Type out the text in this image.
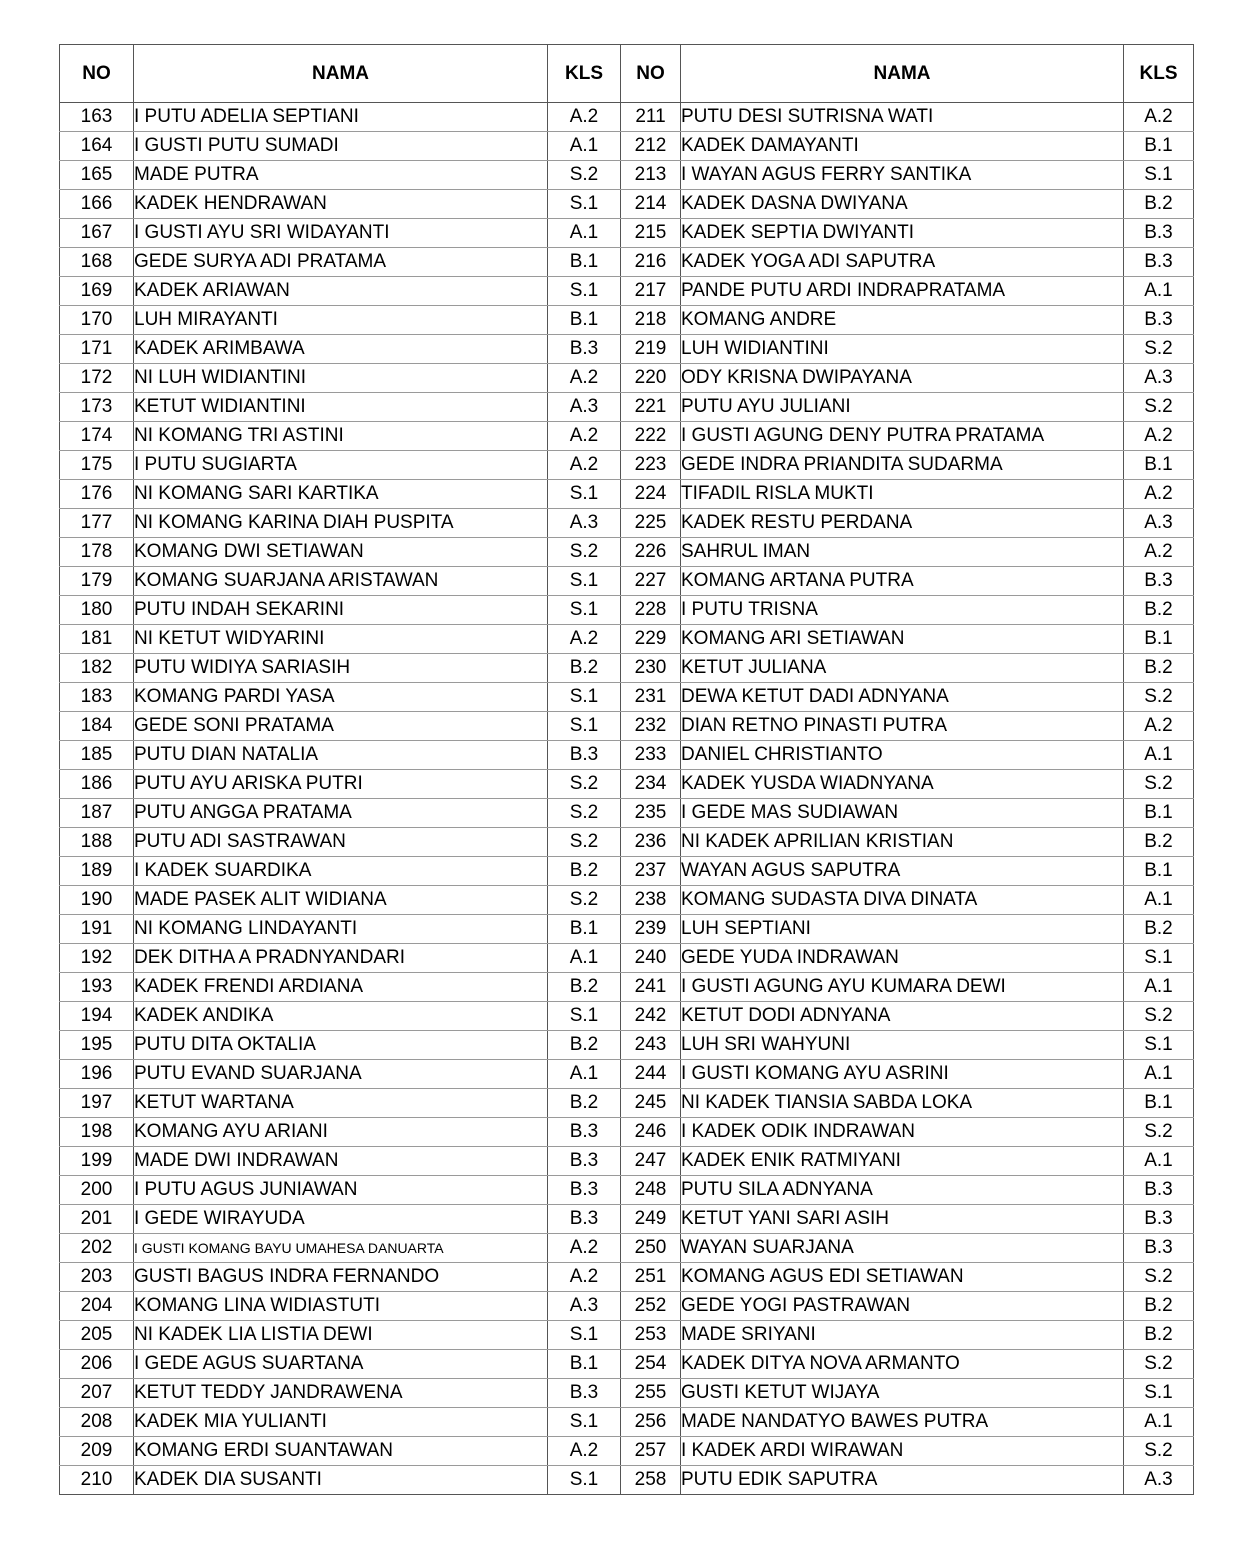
NO	NAMA	KLS	NO	NAMA	KLS
163	I PUTU ADELIA SEPTIANI	A.2	211	PUTU DESI SUTRISNA WATI	A.2
164	I GUSTI PUTU SUMADI	A.1	212	KADEK DAMAYANTI	B.1
165	MADE PUTRA	S.2	213	I WAYAN AGUS FERRY SANTIKA	S.1
166	KADEK HENDRAWAN	S.1	214	KADEK DASNA DWIYANA	B.2
167	I GUSTI AYU SRI WIDAYANTI	A.1	215	KADEK SEPTIA DWIYANTI	B.3
168	GEDE SURYA ADI PRATAMA	B.1	216	KADEK YOGA ADI SAPUTRA	B.3
169	KADEK ARIAWAN	S.1	217	PANDE PUTU ARDI INDRAPRATAMA	A.1
170	LUH MIRAYANTI	B.1	218	KOMANG ANDRE	B.3
171	KADEK ARIMBAWA	B.3	219	LUH WIDIANTINI	S.2
172	NI LUH WIDIANTINI	A.2	220	ODY KRISNA DWIPAYANA	A.3
173	KETUT WIDIANTINI	A.3	221	PUTU AYU JULIANI	S.2
174	NI KOMANG TRI ASTINI	A.2	222	I GUSTI AGUNG DENY PUTRA PRATAMA	A.2
175	I PUTU SUGIARTA	A.2	223	GEDE INDRA PRIANDITA SUDARMA	B.1
176	NI KOMANG SARI KARTIKA	S.1	224	TIFADIL RISLA MUKTI	A.2
177	NI KOMANG KARINA DIAH PUSPITA	A.3	225	KADEK RESTU PERDANA	A.3
178	KOMANG DWI SETIAWAN	S.2	226	SAHRUL IMAN	A.2
179	KOMANG SUARJANA ARISTAWAN	S.1	227	KOMANG ARTANA PUTRA	B.3
180	PUTU INDAH SEKARINI	S.1	228	I PUTU TRISNA	B.2
181	NI KETUT WIDYARINI	A.2	229	KOMANG ARI SETIAWAN	B.1
182	PUTU WIDIYA SARIASIH	B.2	230	KETUT JULIANA	B.2
183	KOMANG PARDI YASA	S.1	231	DEWA KETUT DADI ADNYANA	S.2
184	GEDE SONI PRATAMA	S.1	232	DIAN RETNO PINASTI PUTRA	A.2
185	PUTU DIAN NATALIA	B.3	233	DANIEL CHRISTIANTO	A.1
186	PUTU AYU ARISKA PUTRI	S.2	234	KADEK YUSDA WIADNYANA	S.2
187	PUTU ANGGA PRATAMA	S.2	235	I GEDE MAS SUDIAWAN	B.1
188	PUTU ADI SASTRAWAN	S.2	236	NI KADEK APRILIAN KRISTIAN	B.2
189	I KADEK SUARDIKA	B.2	237	WAYAN AGUS SAPUTRA	B.1
190	MADE PASEK ALIT WIDIANA	S.2	238	KOMANG SUDASTA DIVA DINATA	A.1
191	NI KOMANG LINDAYANTI	B.1	239	LUH SEPTIANI	B.2
192	DEK DITHA A PRADNYANDARI	A.1	240	GEDE YUDA INDRAWAN	S.1
193	KADEK FRENDI ARDIANA	B.2	241	I GUSTI AGUNG AYU KUMARA DEWI	A.1
194	KADEK ANDIKA	S.1	242	KETUT DODI ADNYANA	S.2
195	PUTU DITA OKTALIA	B.2	243	LUH SRI WAHYUNI	S.1
196	PUTU EVAND SUARJANA	A.1	244	I GUSTI KOMANG AYU ASRINI	A.1
197	KETUT WARTANA	B.2	245	NI KADEK TIANSIA SABDA LOKA	B.1
198	KOMANG AYU ARIANI	B.3	246	I KADEK ODIK INDRAWAN	S.2
199	MADE DWI INDRAWAN	B.3	247	KADEK ENIK RATMIYANI	A.1
200	I PUTU AGUS JUNIAWAN	B.3	248	PUTU SILA ADNYANA	B.3
201	I GEDE WIRAYUDA	B.3	249	KETUT YANI SARI ASIH	B.3
202	I GUSTI KOMANG BAYU UMAHESA DANUARTA	A.2	250	WAYAN SUARJANA	B.3
203	GUSTI BAGUS INDRA FERNANDO	A.2	251	KOMANG AGUS EDI SETIAWAN	S.2
204	KOMANG LINA WIDIASTUTI	A.3	252	GEDE YOGI PASTRAWAN	B.2
205	NI KADEK LIA LISTIA DEWI	S.1	253	MADE SRIYANI	B.2
206	I GEDE AGUS SUARTANA	B.1	254	KADEK DITYA NOVA ARMANTO	S.2
207	KETUT TEDDY JANDRAWENA	B.3	255	GUSTI KETUT WIJAYA	S.1
208	KADEK MIA YULIANTI	S.1	256	MADE NANDATYO BAWES PUTRA	A.1
209	KOMANG ERDI SUANTAWAN	A.2	257	I KADEK ARDI WIRAWAN	S.2
210	KADEK DIA SUSANTI	S.1	258	PUTU EDIK SAPUTRA	A.3
